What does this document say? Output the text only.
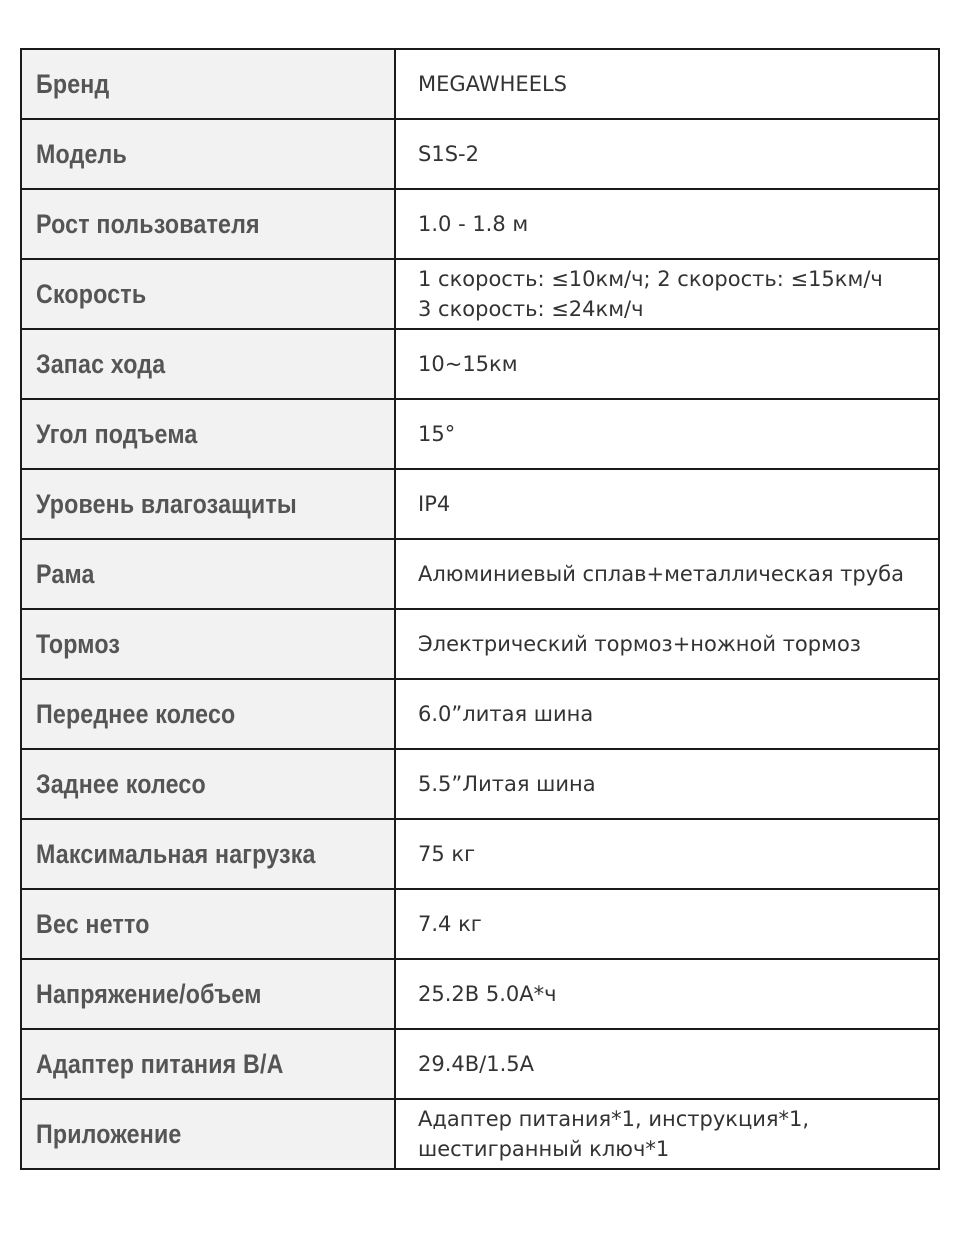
Бренд	MEGAWHEELS
Модель	S1S-2
Рост пользователя	1.0 - 1.8 м
Скорость	1 скорость: ≤10км/ч; 2 скорость: ≤15км/ч
3 скорость: ≤24км/ч
Запас хода	10~15км
Угол подъема	15°
Уровень влагозащиты	IP4
Рама	Алюминиевый сплав+металлическая труба
Тормоз	Электрический тормоз+ножной тормоз
Переднее колесо	6.0”литая шина
Заднее колесо	5.5”Литая шина
Максимальная нагрузка	75 кг
Вес нетто	7.4 кг
Напряжение/объем	25.2В 5.0А*ч
Адаптер питания В/А	29.4В/1.5А
Приложение	Адаптер питания*1, инструкция*1,
шестигранный ключ*1
